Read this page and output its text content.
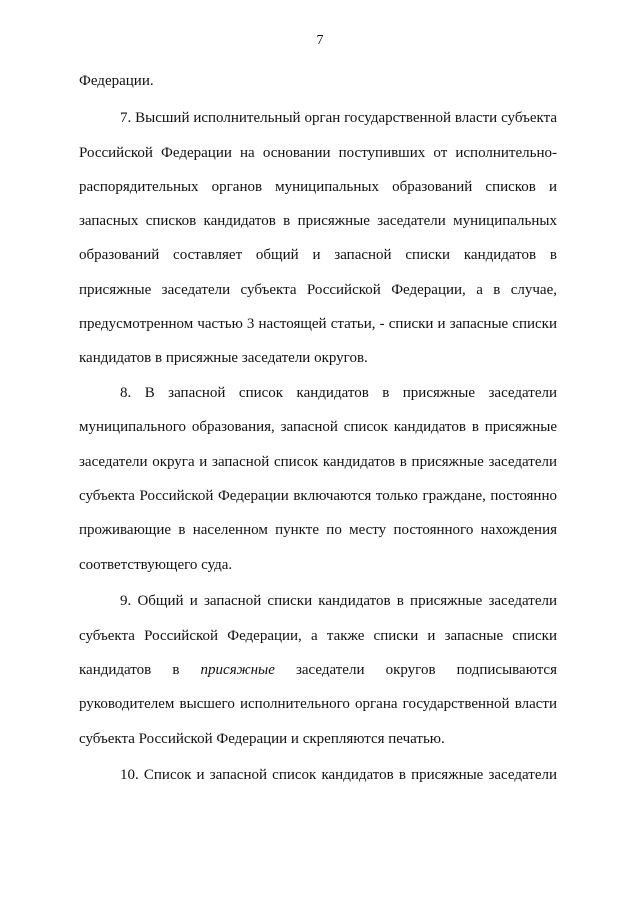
7
Федерации.
7. Высший исполнительный орган государственной власти субъекта
Российской Федерации на основании поступивших от исполнительно-
распорядительных органов муниципальных образований списков и
запасных списков кандидатов в присяжные заседатели муниципальных
образований составляет общий и запасной списки кандидатов в
присяжные заседатели субъекта Российской Федерации, а в случае,
предусмотренном частью 3 настоящей статьи, - списки и запасные списки
кандидатов в присяжные заседатели округов.
8. В запасной список кандидатов в присяжные заседатели
муниципального образования, запасной список кандидатов в присяжные
заседатели округа и запасной список кандидатов в присяжные заседатели
субъекта Российской Федерации включаются только граждане, постоянно
проживающие в населенном пункте по месту постоянного нахождения
соответствующего суда.
9. Общий и запасной списки кандидатов в присяжные заседатели
субъекта Российской Федерации, а также списки и запасные списки
кандидатов в присяжные заседатели округов подписываются
руководителем высшего исполнительного органа государственной власти
субъекта Российской Федерации и скрепляются печатью.
10. Список и запасной список кандидатов в присяжные заседатели
